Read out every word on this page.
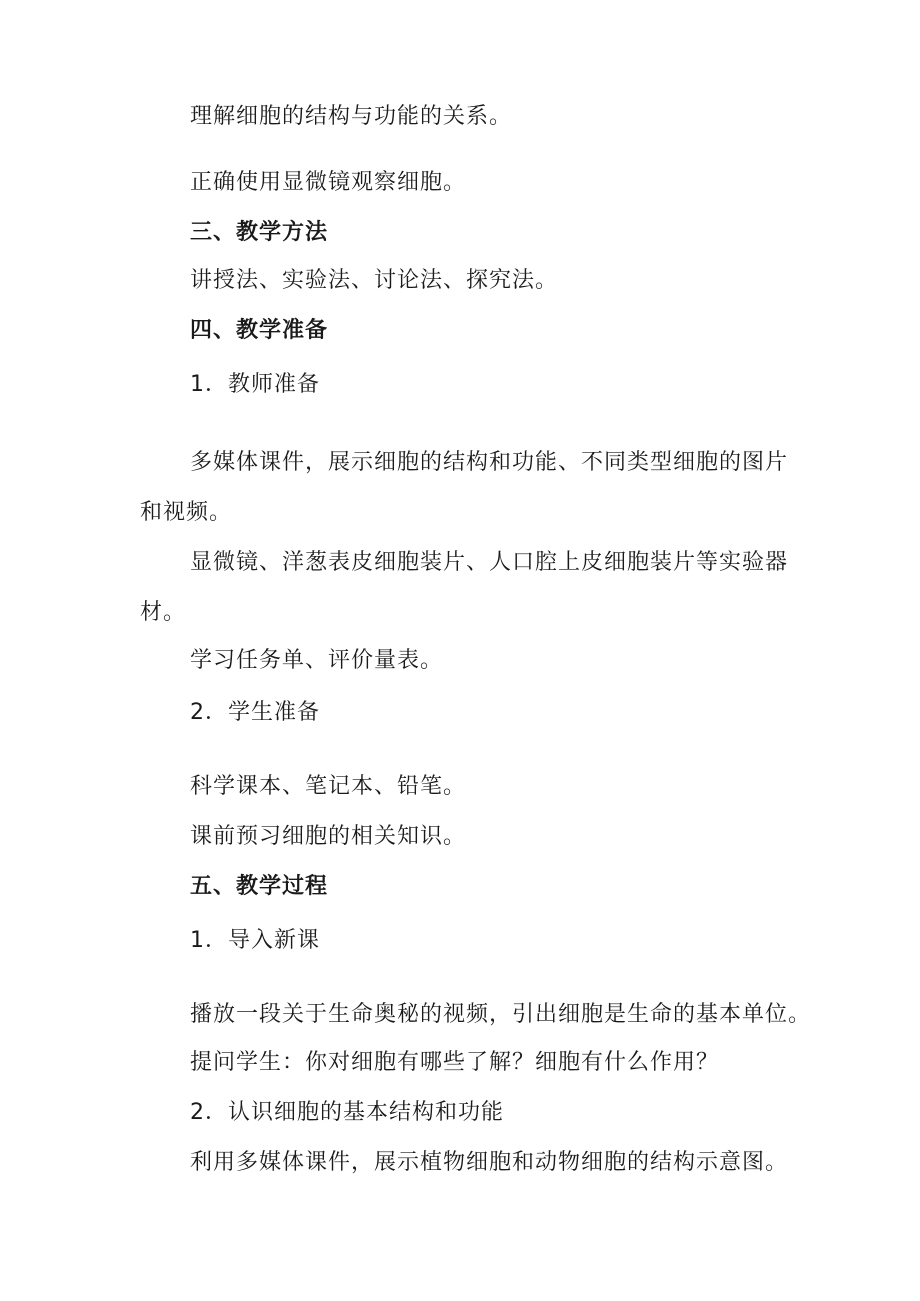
理解细胞的结构与功能的关系。
正确使用显微镜观察细胞。
三、教学方法
讲授法、实验法、讨论法、探究法。
四、教学准备
1．教师准备
多媒体课件，展示细胞的结构和功能、不同类型细胞的图片
和视频。
显微镜、洋葱表皮细胞装片、人口腔上皮细胞装片等实验器
材。
学习任务单、评价量表。
2．学生准备
科学课本、笔记本、铅笔。
课前预习细胞的相关知识。
五、教学过程
1．导入新课
播放一段关于生命奥秘的视频，引出细胞是生命的基本单位。
提问学生：你对细胞有哪些了解？细胞有什么作用？
2．认识细胞的基本结构和功能
利用多媒体课件，展示植物细胞和动物细胞的结构示意图。
